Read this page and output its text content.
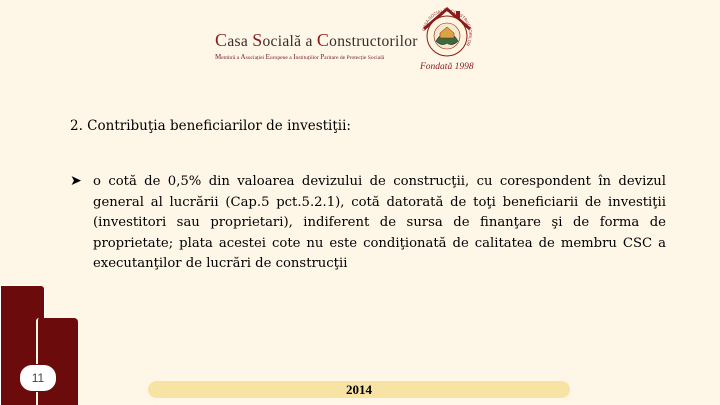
Casa Socială a Constructorilor
Membră a Asociației Europene a Instituțiilor Paritare de Protecție Socială
CASA SOCIALĂ A CONSTRUCTORILOR
Fondată 1998
2. Contribuţia beneficiarilor de investiţii:
➤ o cotă de 0,5% din valoarea devizului de construcţii, cu corespondent în devizul general al lucrării (Cap.5 pct.5.2.1), cotă datorată de toţi beneficiarii de investiţii (investitori sau proprietari), indiferent de sursa de finanţare şi de forma de proprietate; plata acestei cote nu este condiţionată de calitatea de membru CSC a executanţilor de lucrări de construcţii
11
2014
